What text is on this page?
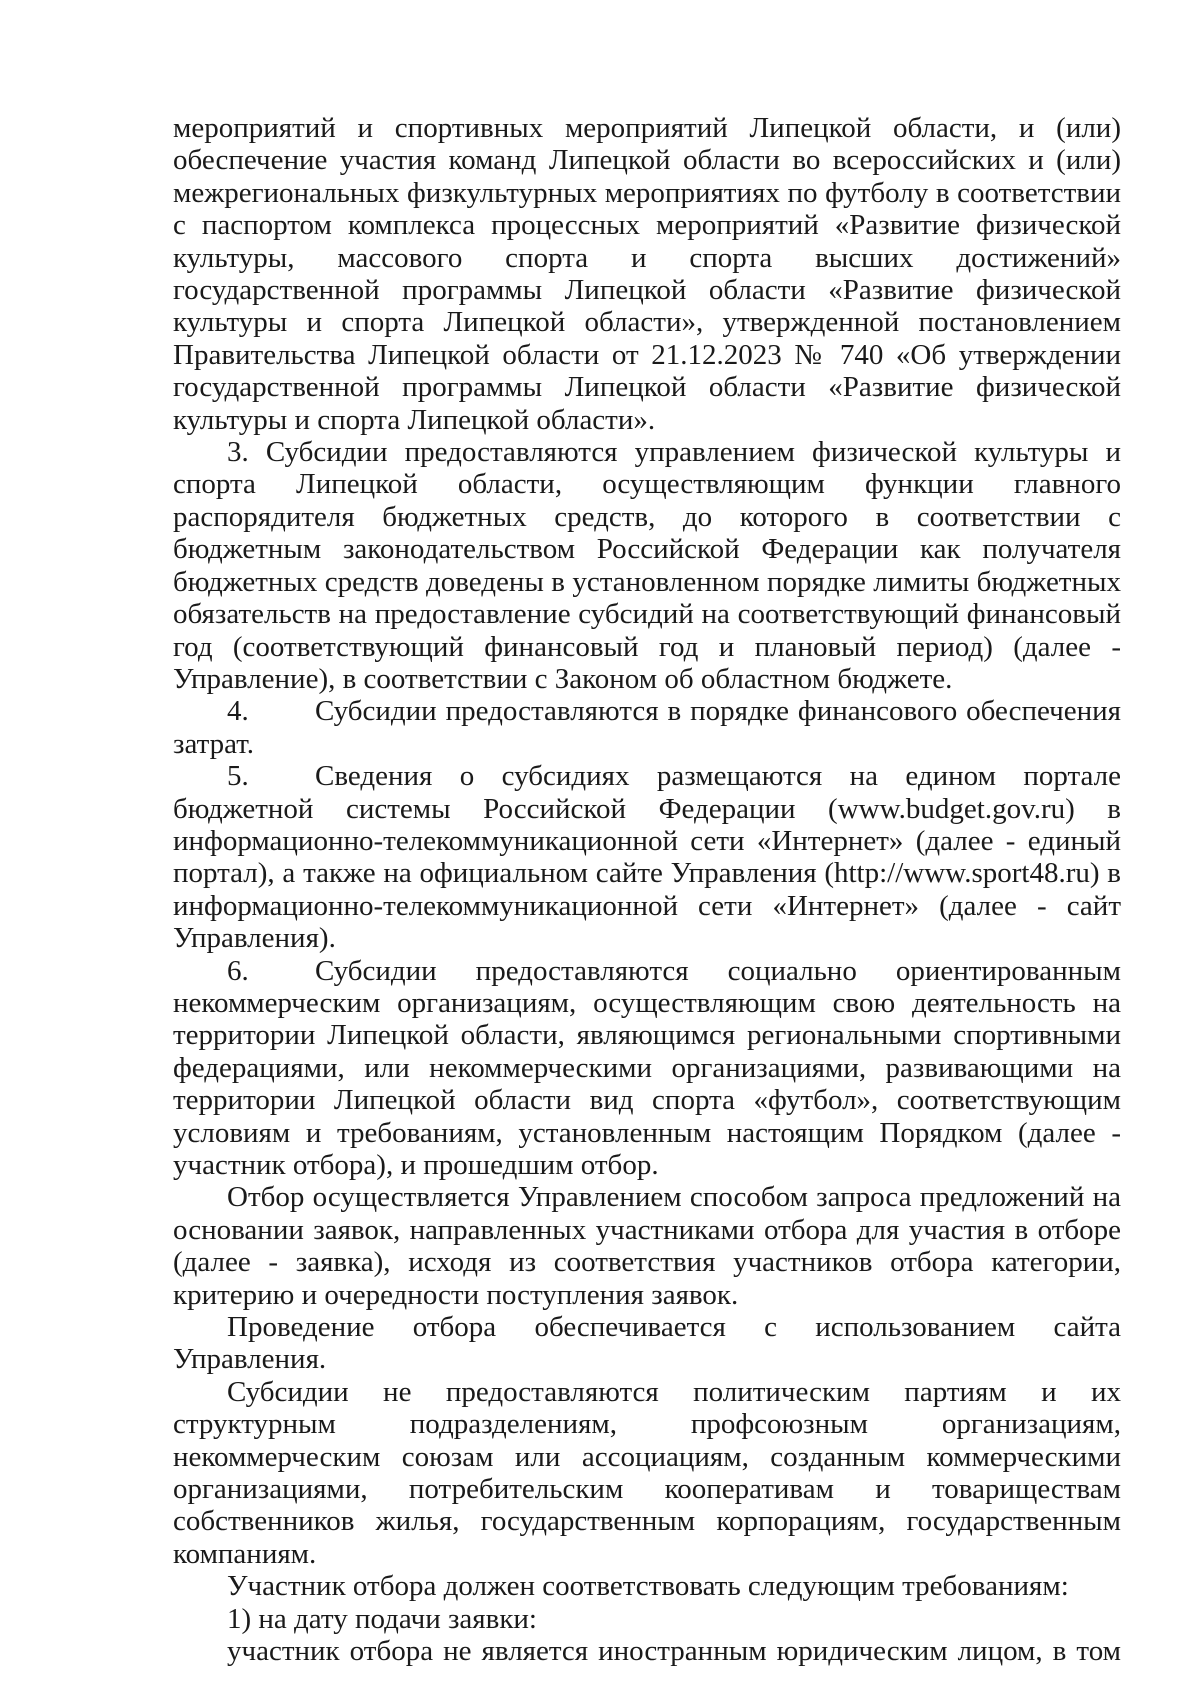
мероприятий и спортивных мероприятий Липецкой области, и (или) обеспечение участия команд Липецкой области во всероссийских и (или) межрегиональных физкультурных мероприятиях по футболу в соответствии с паспортом комплекса процессных мероприятий «Развитие физической культуры, массового спорта и спорта высших достижений» государственной программы Липецкой области «Развитие физической культуры и спорта Липецкой области», утвержденной постановлением Правительства Липецкой области от 21.12.2023 № 740 «Об утверждении государственной программы Липецкой области «Развитие физической культуры и спорта Липецкой области».

3. Субсидии предоставляются управлением физической культуры и спорта Липецкой области, осуществляющим функции главного распорядителя бюджетных средств, до которого в соответствии с бюджетным законодательством Российской Федерации как получателя бюджетных средств доведены в установленном порядке лимиты бюджетных обязательств на предоставление субсидий на соответствующий финансовый год (соответствующий финансовый год и плановый период) (далее - Управление), в соответствии с Законом об областном бюджете.

4. Субсидии предоставляются в порядке финансового обеспечения затрат.

5. Сведения о субсидиях размещаются на едином портале бюджетной системы Российской Федерации (www.budget.gov.ru) в информационно-телекоммуникационной сети «Интернет» (далее - единый портал), а также на официальном сайте Управления (http://www.sport48.ru) в информационно-телекоммуникационной сети «Интернет» (далее - сайт Управления).

6. Субсидии предоставляются социально ориентированным некоммерческим организациям, осуществляющим свою деятельность на территории Липецкой области, являющимся региональными спортивными федерациями, или некоммерческими организациями, развивающими на территории Липецкой области вид спорта «футбол», соответствующим условиям и требованиям, установленным настоящим Порядком (далее - участник отбора), и прошедшим отбор.

Отбор осуществляется Управлением способом запроса предложений на основании заявок, направленных участниками отбора для участия в отборе (далее - заявка), исходя из соответствия участников отбора категории, критерию и очередности поступления заявок.

Проведение отбора обеспечивается с использованием сайта Управления.

Субсидии не предоставляются политическим партиям и их структурным подразделениям, профсоюзным организациям, некоммерческим союзам или ассоциациям, созданным коммерческими организациями, потребительским кооперативам и товариществам собственников жилья, государственным корпорациям, государственным компаниям.

Участник отбора должен соответствовать следующим требованиям:

1) на дату подачи заявки:

участник отбора не является иностранным юридическим лицом, в том
